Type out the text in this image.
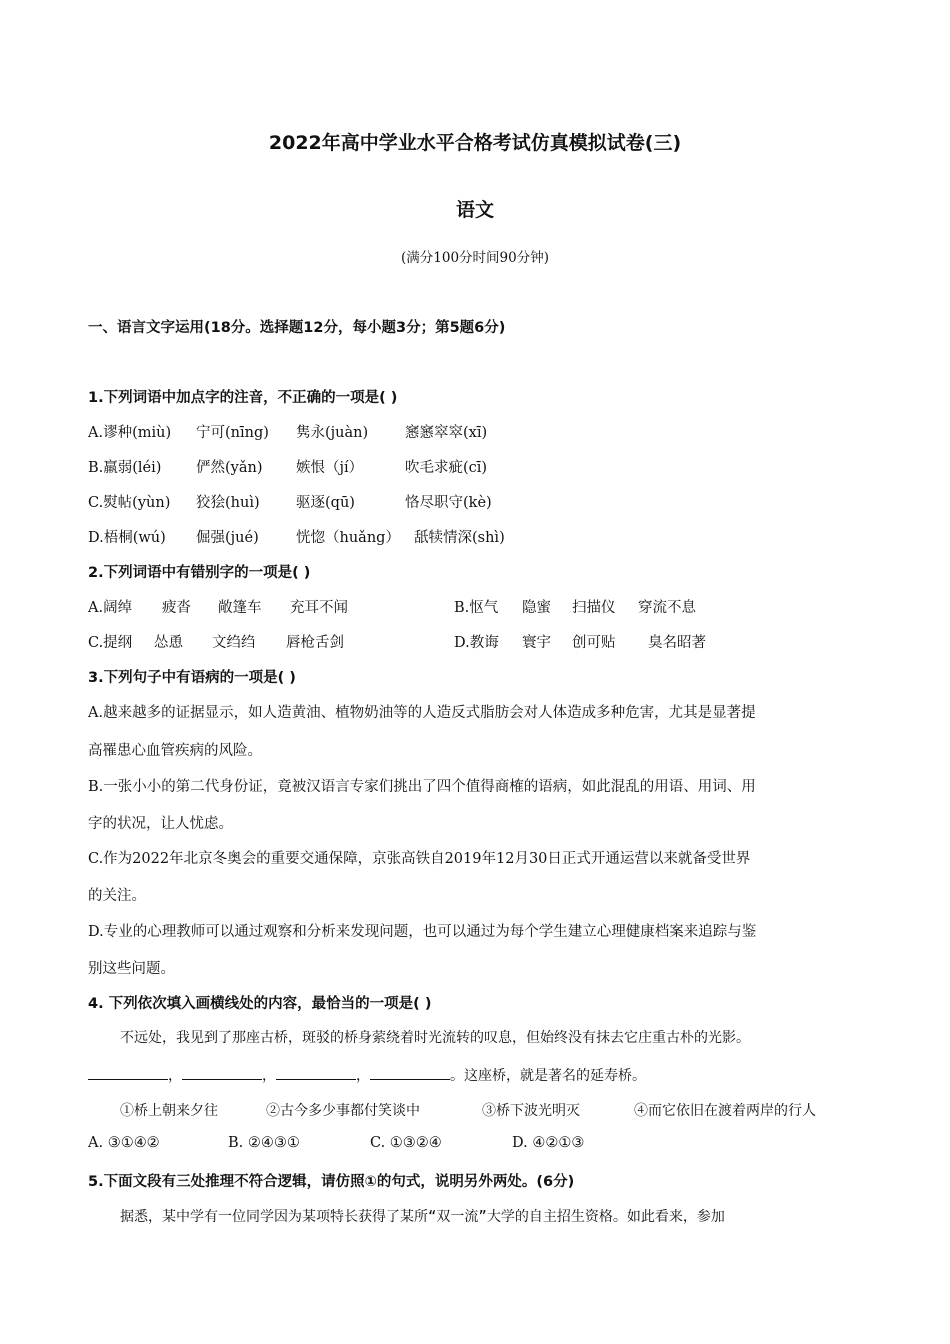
2022年高中学业水平合格考试仿真模拟试卷(三)
语文
(满分100分时间90分钟)
一、语言文字运用(18分。选择题12分，每小题3分；第5题6分)
1.下列词语中加点字的注音，不正确的一项是( )
A.谬种(miù) 宁可(nīng) 隽永(juàn)	窸窸窣窣(xī)
B.羸弱(léi) 俨然(yǎn) 嫉恨（jí）	吹毛求疵(cī)
C.熨帖(yùn) 狡狯(huì)	驱逐(qū)	恪尽职守(kè)
D.梧桐(wú) 倔强(jué)	恍惚（huǎng） 舐犊情深(shì)
2.下列词语中有错别字的一项是( )
A.阔绰 疲沓 敞篷车 充耳不闻	B.怄气 隐蜜 扫描仪 穿流不息
C.提纲 怂恿 文绉绉 唇枪舌剑	D.教诲 寰宇 创可贴 臭名昭著
3.下列句子中有语病的一项是( )
A.越来越多的证据显示，如人造黄油、植物奶油等的人造反式脂肪会对人体造成多种危害，尤其是显著提
高罹患心血管疾病的风险。
B.一张小小的第二代身份证，竟被汉语言专家们挑出了四个值得商榷的语病，如此混乱的用语、用词、用
字的状况，让人忧虑。
C.作为2022年北京冬奥会的重要交通保障，京张高铁自2019年12月30日正式开通运营以来就备受世界
的关注。
D.专业的心理教师可以通过观察和分析来发现问题，也可以通过为每个学生建立心理健康档案来追踪与鉴
别这些问题。
4. 下列依次填入画横线处的内容，最恰当的一项是( )
不远处，我见到了那座古桥，斑驳的桥身萦绕着时光流转的叹息，但始终没有抹去它庄重古朴的光影。
，	，	，	。这座桥，就是著名的延寿桥。
①桥上朝来夕往	②古今多少事都付笑谈中	③桥下波光明灭	④而它依旧在渡着两岸的行人
A. ③①④②	B. ②④③①	C. ①③②④	D. ④②①③
5.下面文段有三处推理不符合逻辑，请仿照①的句式，说明另外两处。(6分)
据悉，某中学有一位同学因为某项特长获得了某所“双一流”大学的自主招生资格。如此看来，参加
